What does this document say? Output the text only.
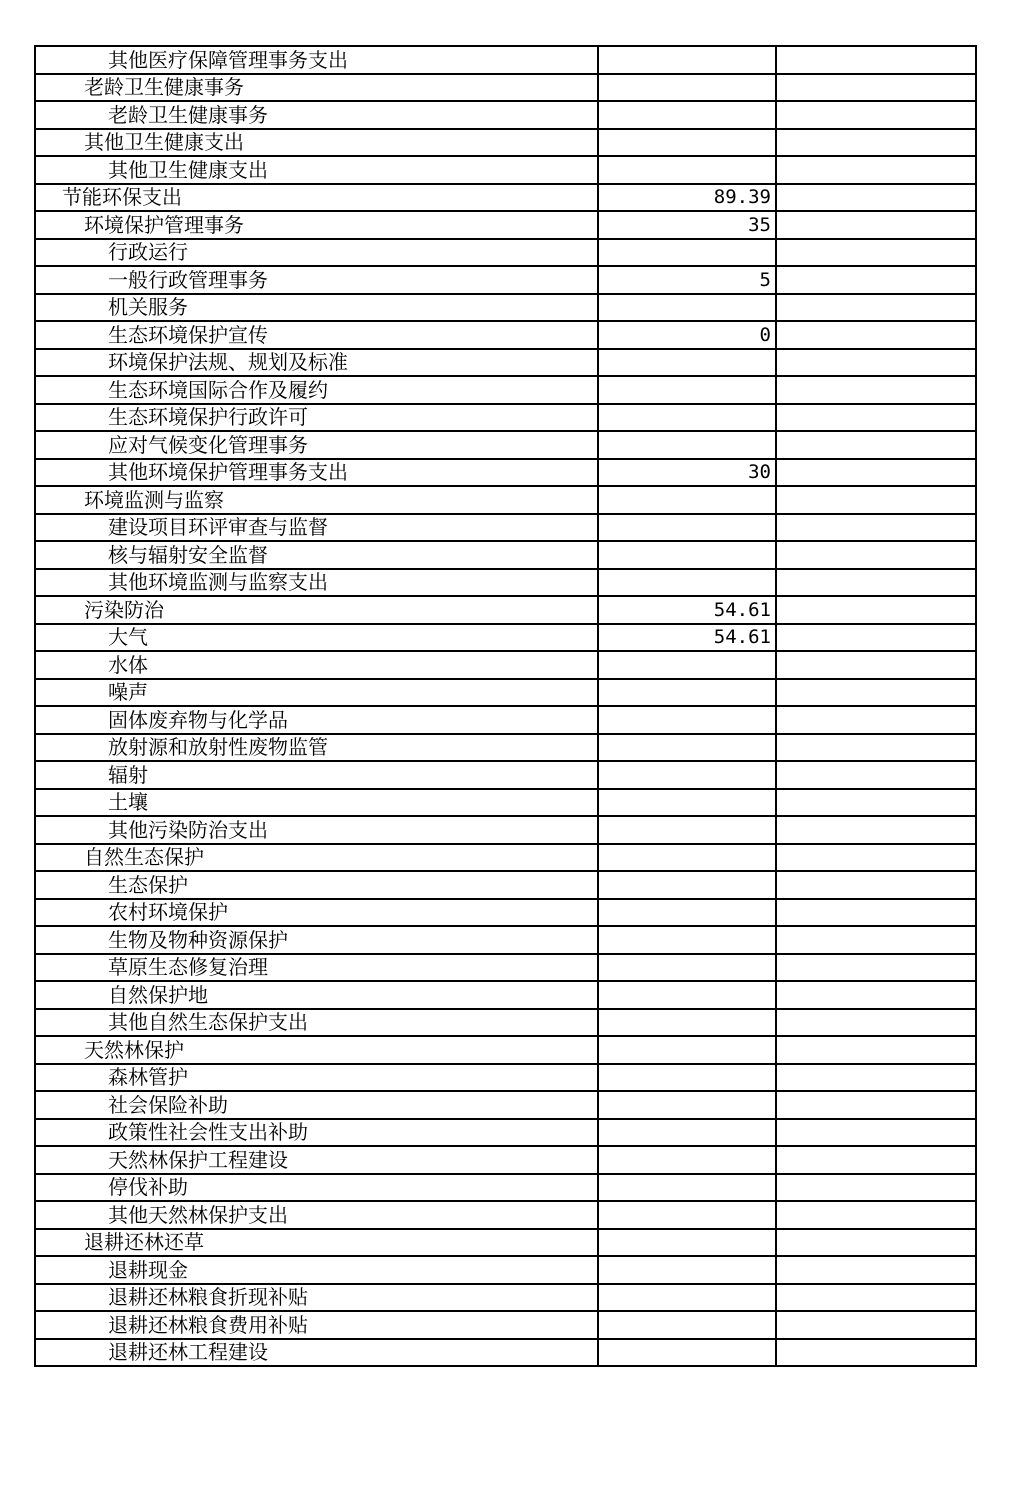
其他医疗保障管理事务支出		
老龄卫生健康事务		
老龄卫生健康事务		
其他卫生健康支出		
其他卫生健康支出		
节能环保支出	89.39	
环境保护管理事务	35	
行政运行		
一般行政管理事务	5	
机关服务		
生态环境保护宣传	0	
环境保护法规、规划及标准		
生态环境国际合作及履约		
生态环境保护行政许可		
应对气候变化管理事务		
其他环境保护管理事务支出	30	
环境监测与监察		
建设项目环评审查与监督		
核与辐射安全监督		
其他环境监测与监察支出		
污染防治	54.61	
大气	54.61	
水体		
噪声		
固体废弃物与化学品		
放射源和放射性废物监管		
辐射		
土壤		
其他污染防治支出		
自然生态保护		
生态保护		
农村环境保护		
生物及物种资源保护		
草原生态修复治理		
自然保护地		
其他自然生态保护支出		
天然林保护		
森林管护		
社会保险补助		
政策性社会性支出补助		
天然林保护工程建设		
停伐补助		
其他天然林保护支出		
退耕还林还草		
退耕现金		
退耕还林粮食折现补贴		
退耕还林粮食费用补贴		
退耕还林工程建设		
